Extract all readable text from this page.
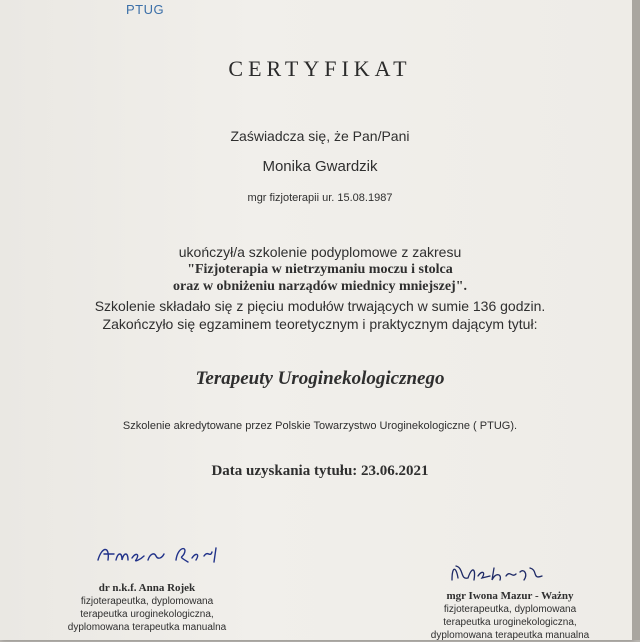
PTUG
CERTYFIKAT
Zaświadcza się, że Pan/Pani
Monika Gwardzik
mgr fizjoterapii ur. 15.08.1987
ukończył/a szkolenie podyplomowe z zakresu
"Fizjoterapia w nietrzymaniu moczu i stolca
oraz w obniżeniu narządów miednicy mniejszej".
Szkolenie składało się z pięciu modułów trwających w sumie 136 godzin.
Zakończyło się egzaminem teoretycznym i praktycznym dającym tytuł:
Terapeuty Uroginekologicznego
Szkolenie akredytowane przez Polskie Towarzystwo Uroginekologiczne ( PTUG).
Data uzyskania tytułu: 23.06.2021
dr n.k.f. Anna Rojek
fizjoterapeutka, dyplomowana
terapeutka uroginekologiczna,
dyplomowana terapeutka manualna
mgr Iwona Mazur - Ważny
fizjoterapeutka, dyplomowana
terapeutka uroginekologiczna,
dyplomowana terapeutka manualna
